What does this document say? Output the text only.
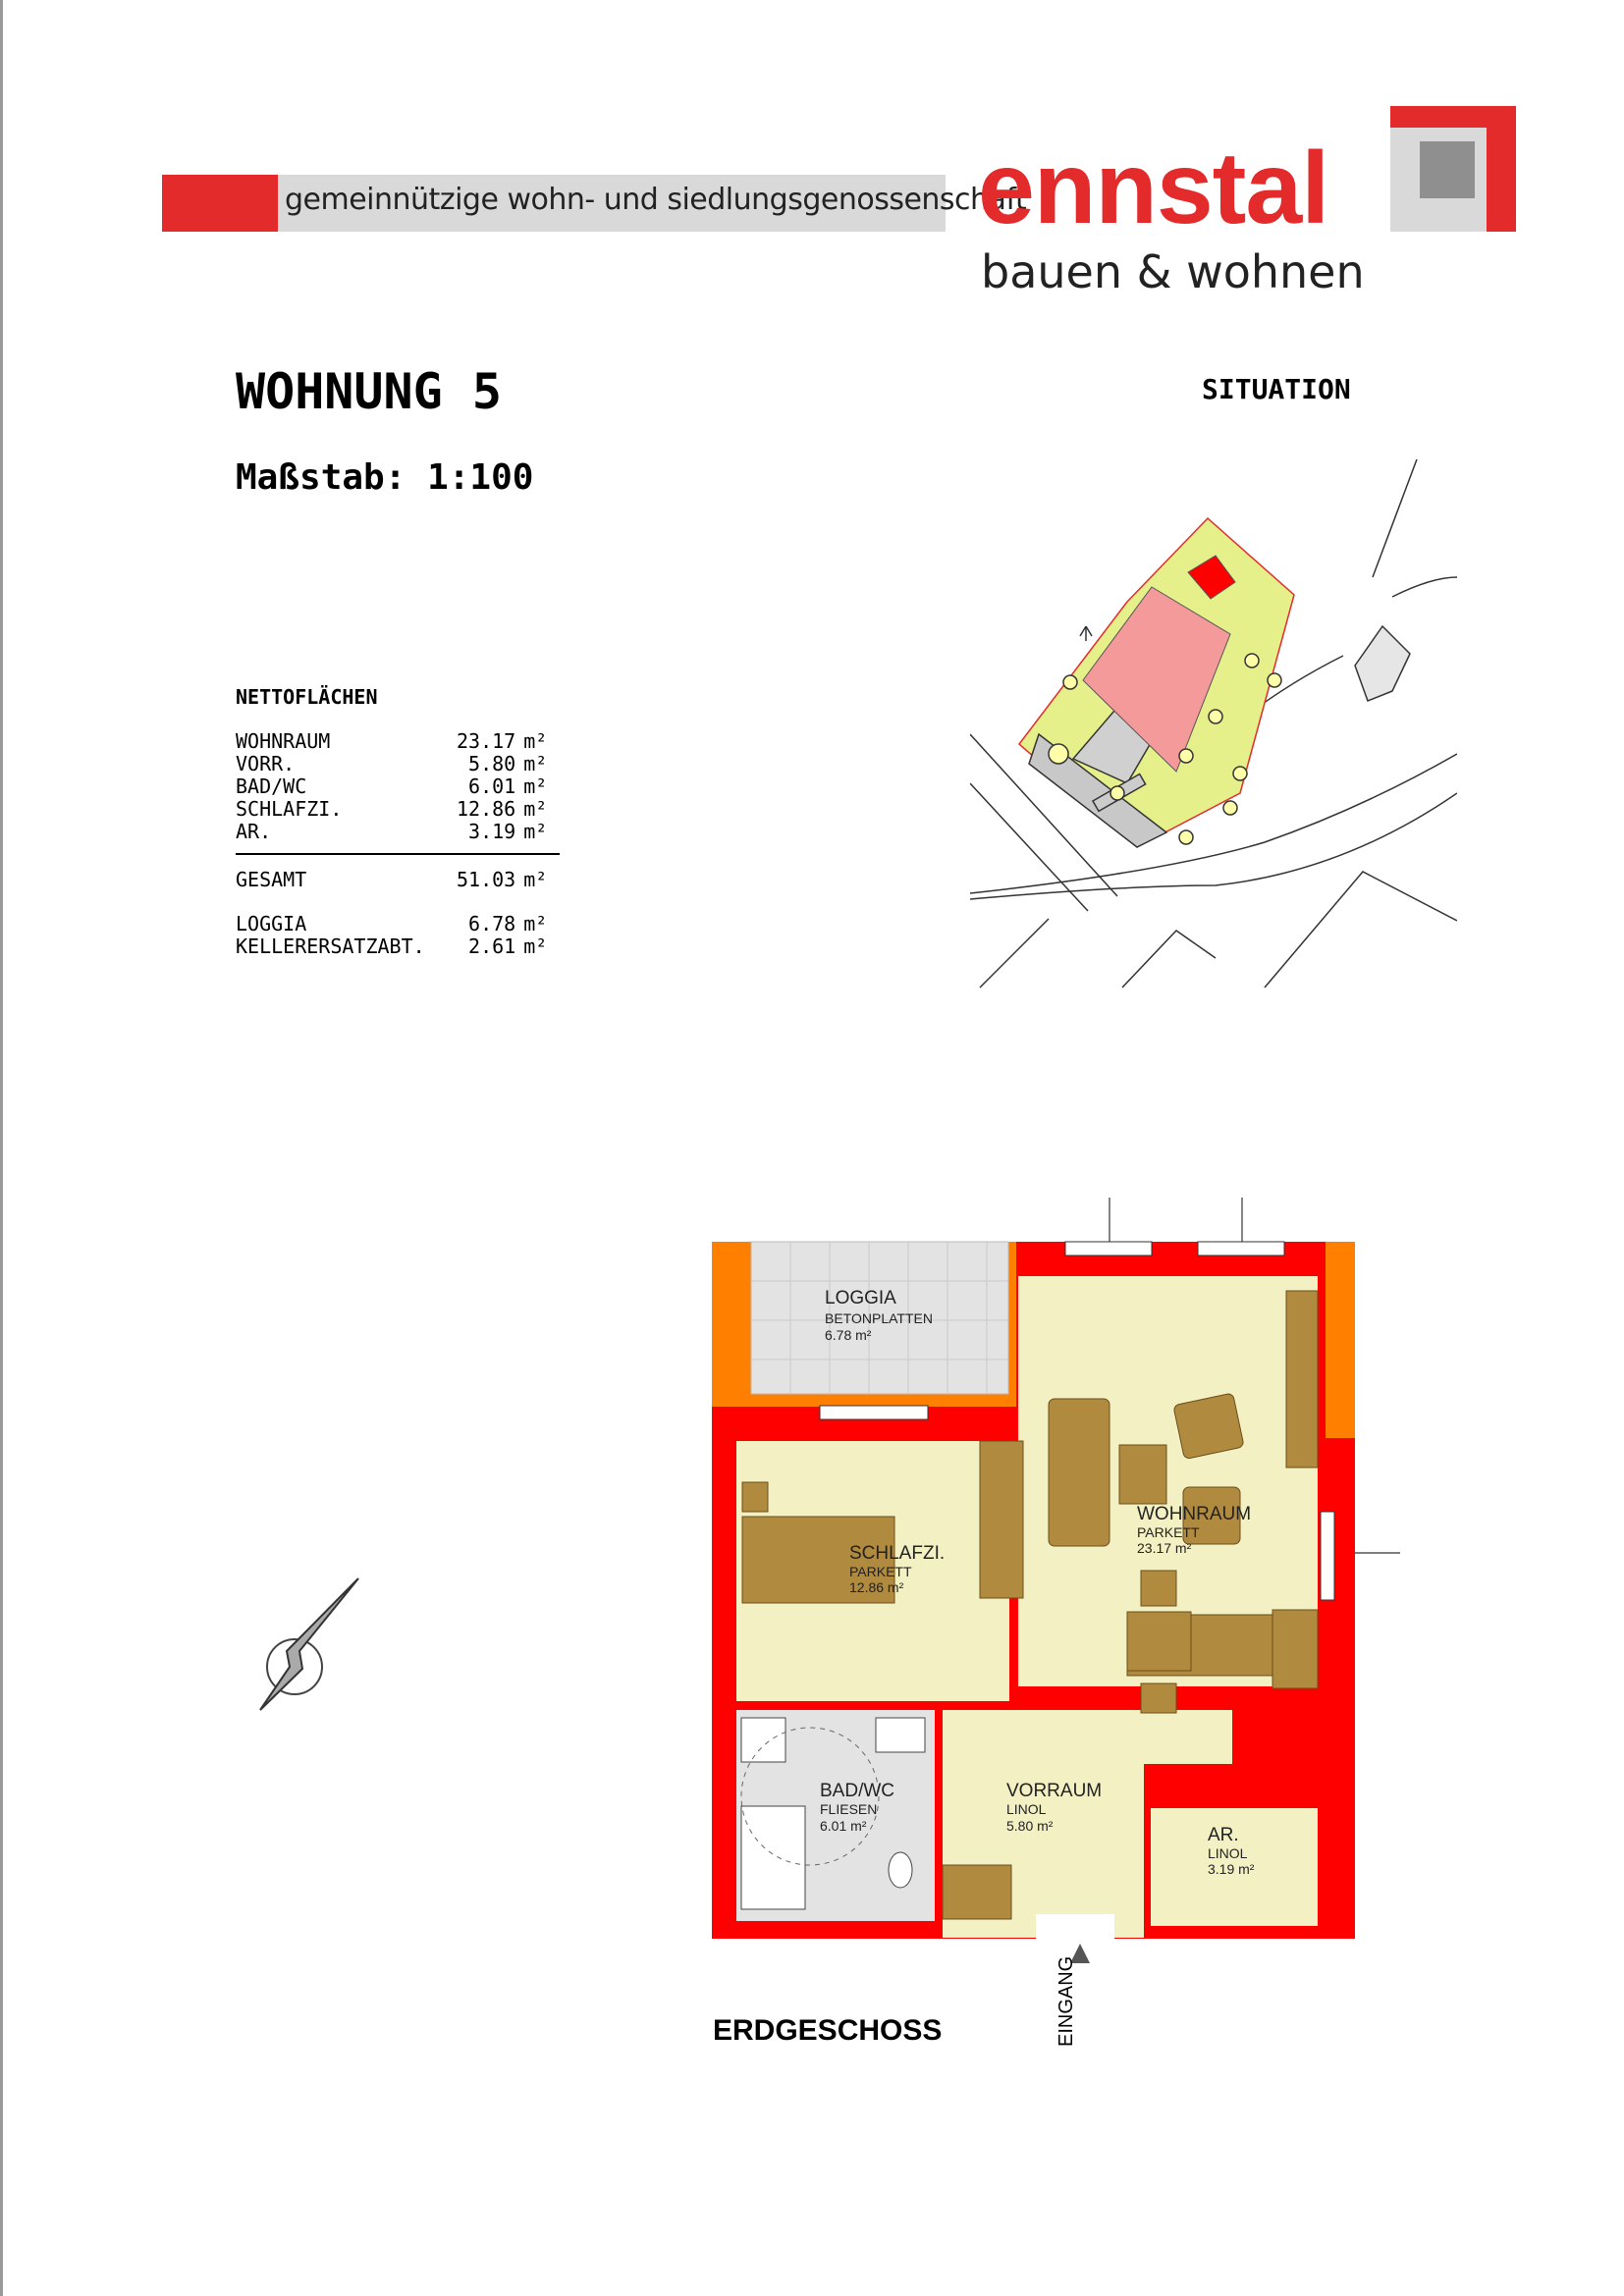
gemeinnützige wohn- und siedlungsgenossenschaft
ennstal
bauen & wohnen
WOHNUNG 5
Maßstab: 1:100
SITUATION
NETTOFLÄCHEN
WOHNRAUM	23.17 m²
VORR.	5.80 m²
BAD/WC	6.01 m²
SCHLAFZI.	12.86 m²
AR.	3.19 m²
GESAMT	51.03 m²
LOGGIA	6.78 m²
KELLERERSATZABT.	2.61 m²
LOGGIA
BETONPLATTEN
6.78 m²
WOHNRAUM
PARKETT
23.17 m²
SCHLAFZI.
PARKETT
12.86 m²
BAD/WC
FLIESEN
6.01 m²
VORRAUM
LINOL
5.80 m²	AR.
LINOL
3.19 m²
ERDGESCHOSS	EINGANG
